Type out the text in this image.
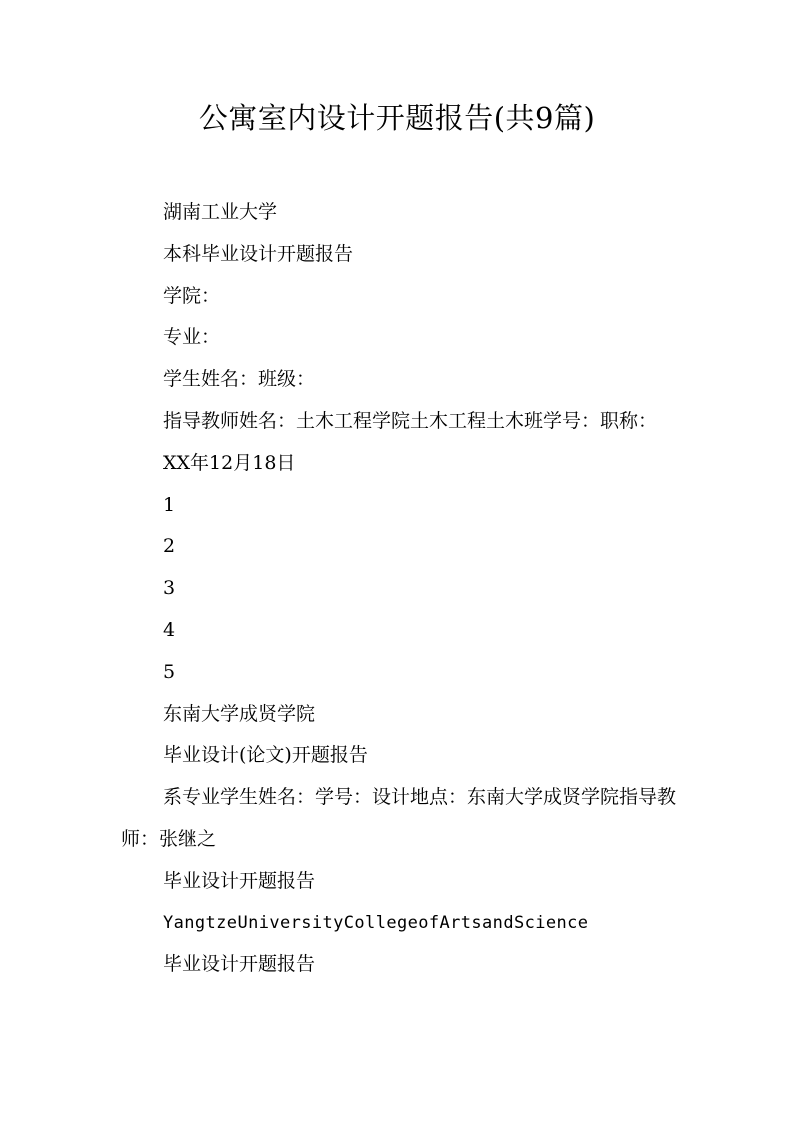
公寓室内设计开题报告(共9篇)

湖南工业大学

本科毕业设计开题报告

学院：

专业：

学生姓名：班级：

指导教师姓名：土木工程学院土木工程土木班学号：职称：

XX年12月18日

1

2

3

4

5

东南大学成贤学院

毕业设计(论文)开题报告

系专业学生姓名：学号：设计地点：东南大学成贤学院指导教师：张继之

毕业设计开题报告

YangtzeUniversityCollegeofArtsandScience

毕业设计开题报告
